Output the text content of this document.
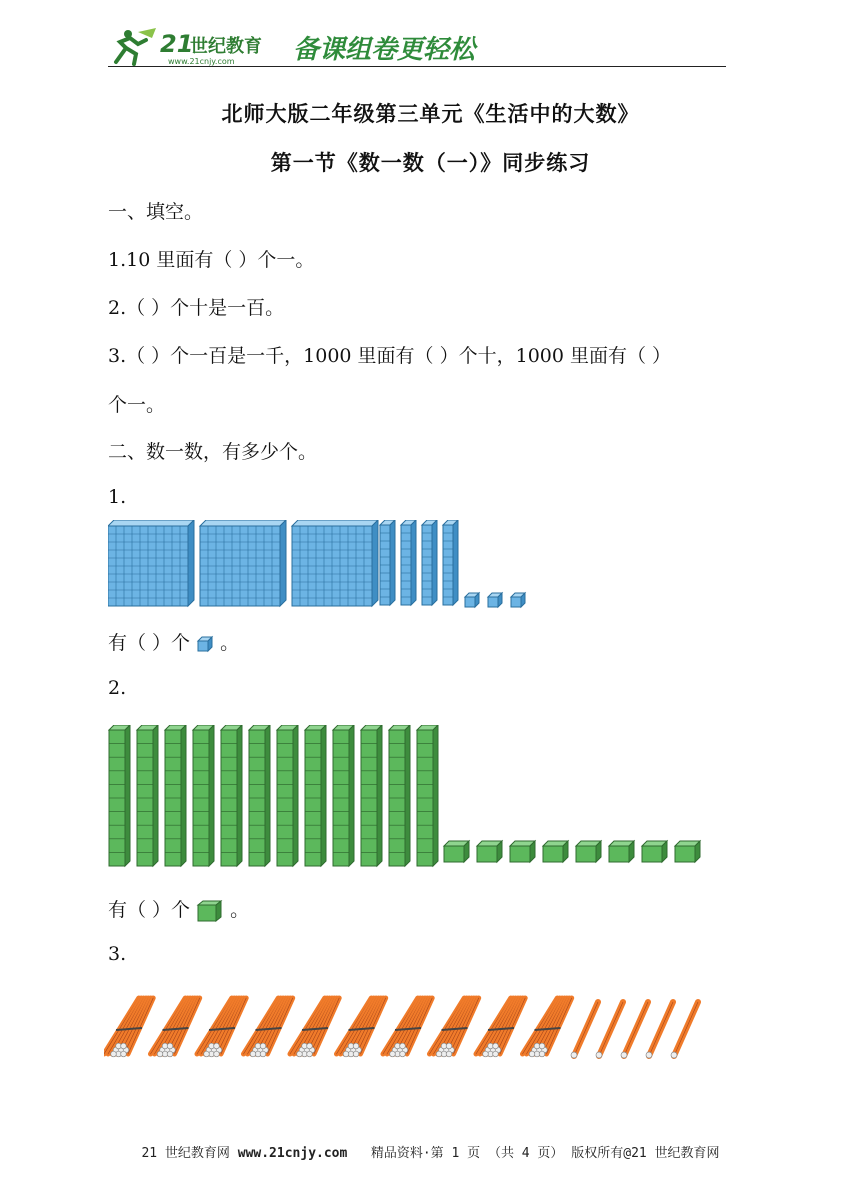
21
世纪教育
www.21cnjy.com 备课组卷更轻松
北师大版二年级第三单元《生活中的大数》
第一节《数一数（一）》同步练习
一、填空。
1.10 里面有（ ）个一。
2.（ ）个十是一百。
3.（ ）个一百是一千，1000 里面有（ ）个十，1000 里面有（ ）
个一。
二、数一数，有多少个。
1.
有（ ）个 。
2.
有（ ）个 。
3.
21 世纪教育网 www.21cnjy.com 精品资料·第 1 页 （共 4 页） 版权所有@21 世纪教育网
